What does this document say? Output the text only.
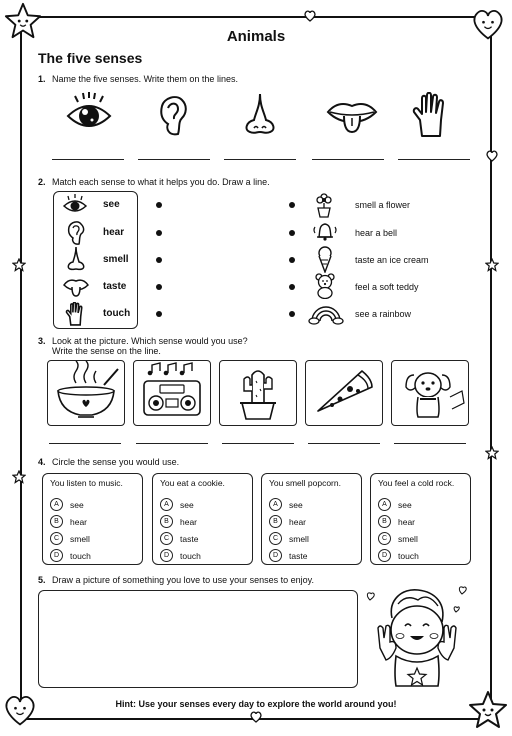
Animals
The five senses
1. Name the five senses. Write them on the lines.
2. Match each sense to what it helps you do. Draw a line.
see
hear
smell
taste
touch
smell a flower
hear a bell
taste an ice cream
feel a soft teddy
see a rainbow
3. Look at the picture. Which sense would you use?
Write the sense on the line.
4. Circle the sense you would use.
You listen to music.
A	see
B	hear
C	smell
D	touch
You eat a cookie.
A	see
B	hear
C	taste
D	touch
You smell popcorn.
A	see
B	hear
C	smell
D	taste
You feel a cold rock.
A	see
B	hear
C	smell
D	touch
5. Draw a picture of something you love to use your senses to enjoy.
Hint: Use your senses every day to explore the world around you!
